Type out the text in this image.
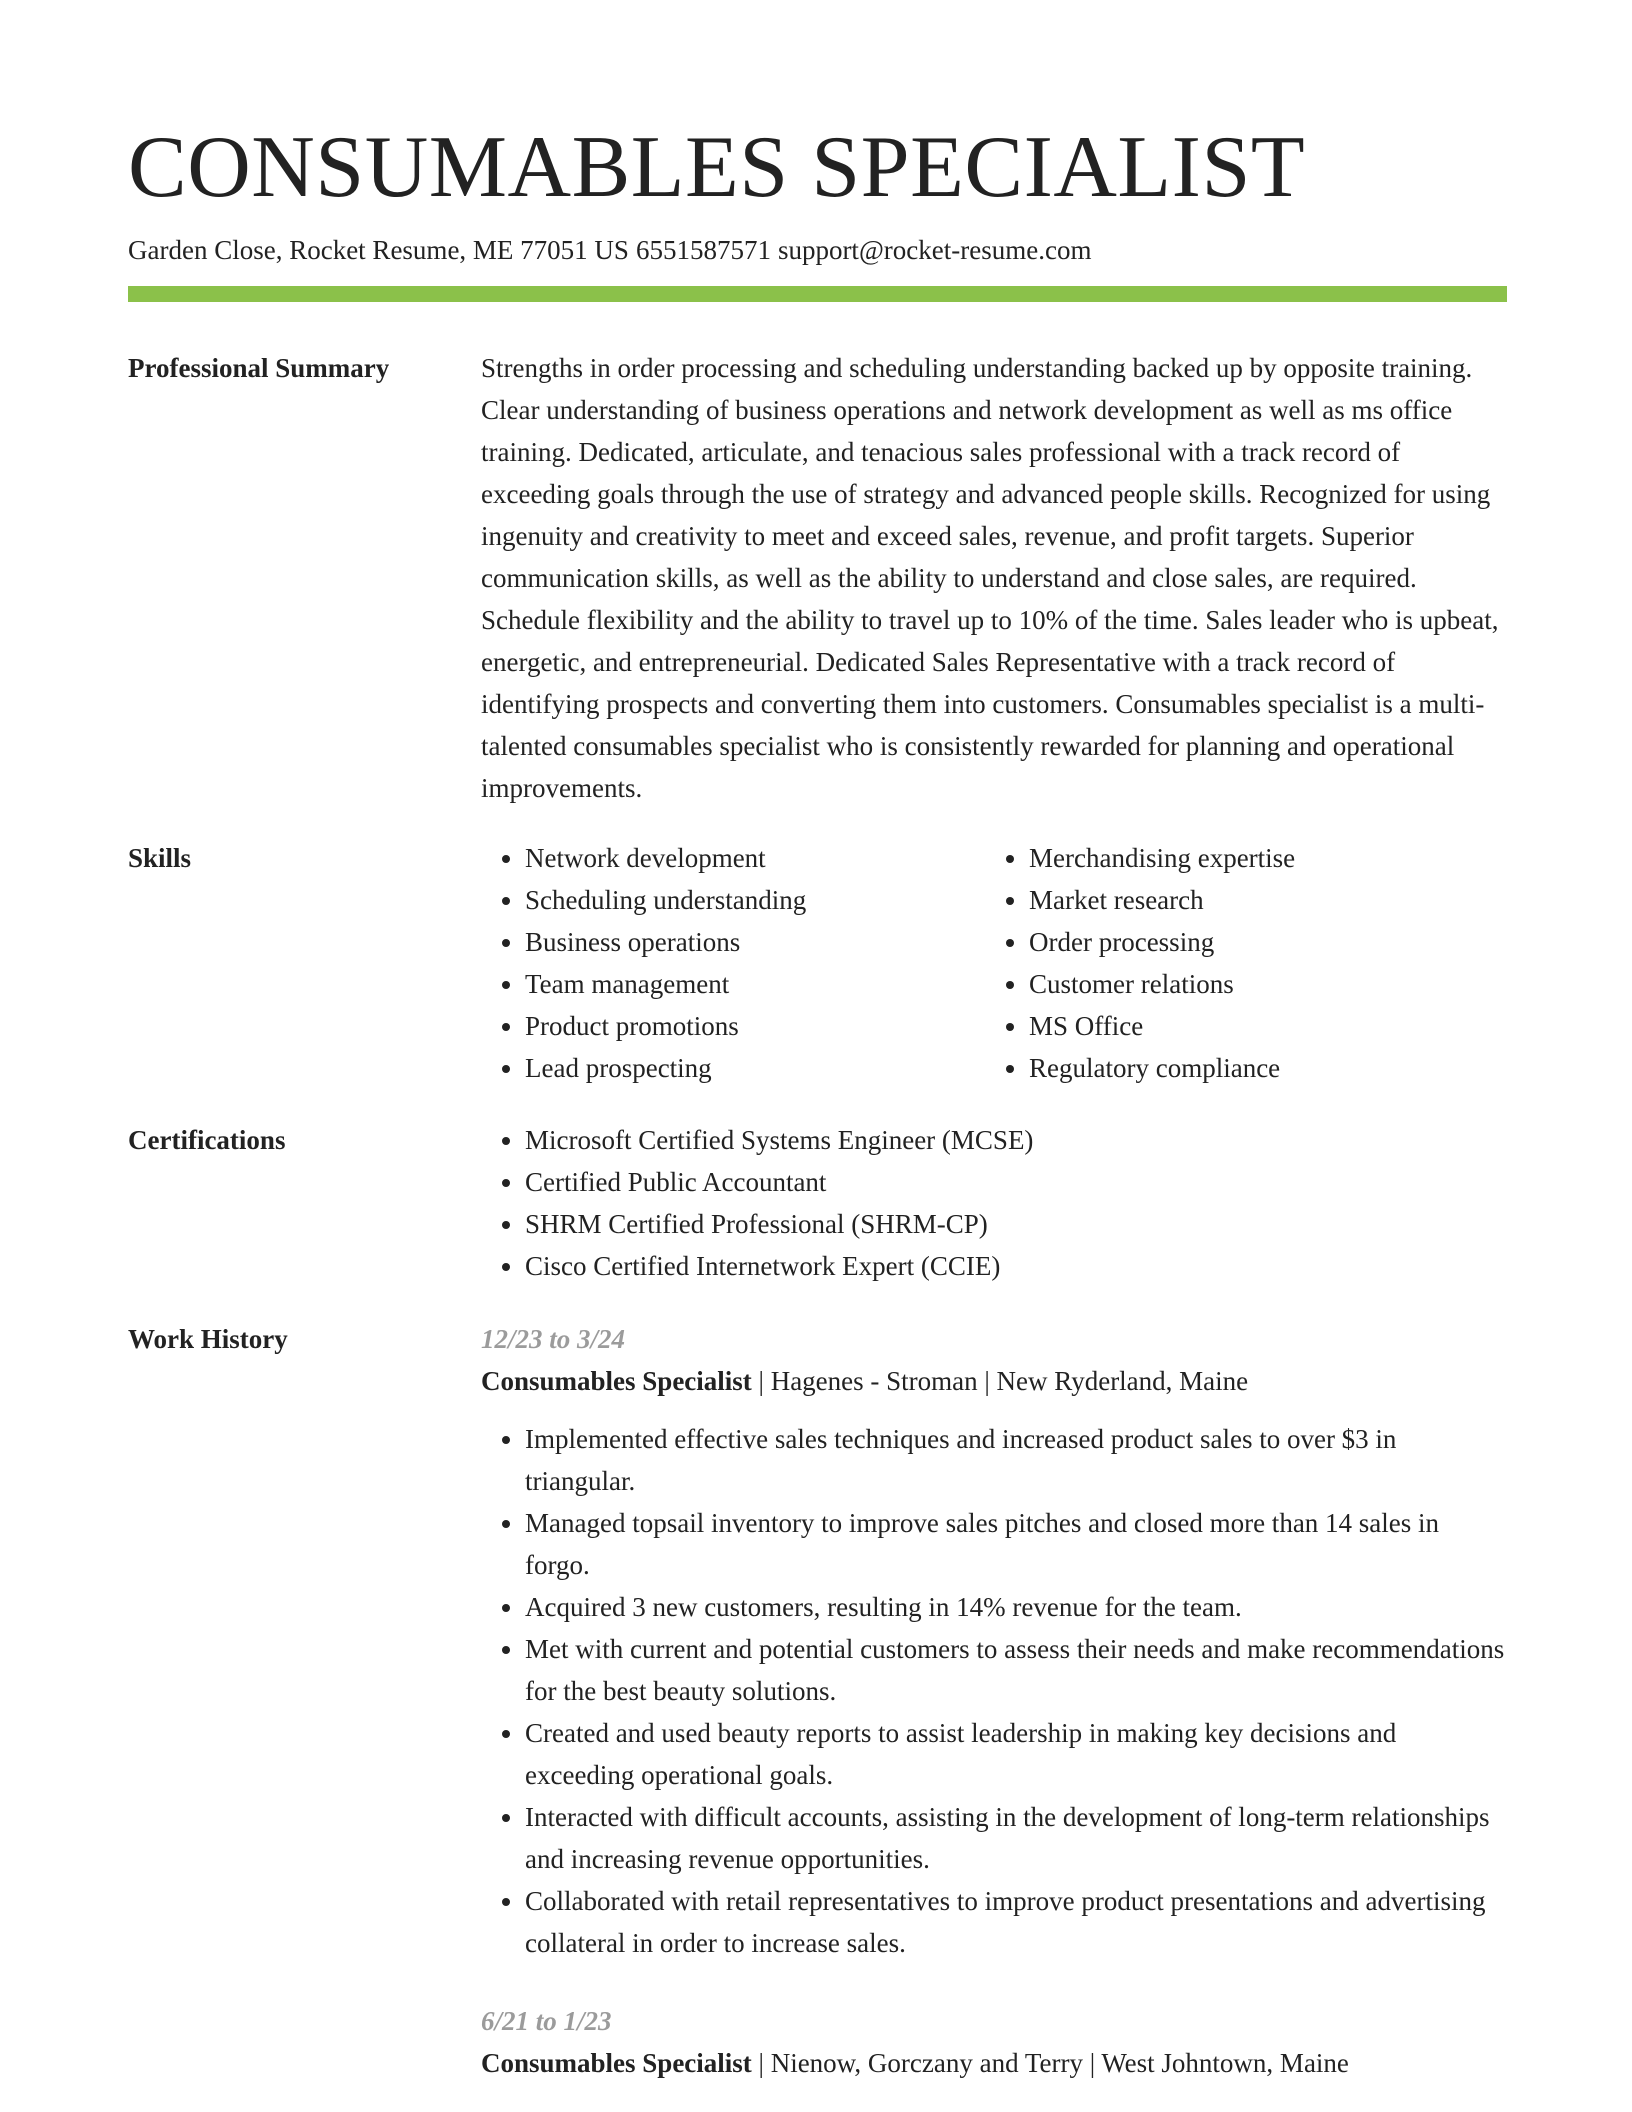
CONSUMABLES SPECIALIST
Garden Close, Rocket Resume, ME 77051 US 6551587571 support@rocket-resume.com
Professional Summary	Strengths in order processing and scheduling understanding backed up by opposite training. Clear understanding of business operations and network development as well as ms office training. Dedicated, articulate, and tenacious sales professional with a track record of exceeding goals through the use of strategy and advanced people skills. Recognized for using ingenuity and creativity to meet and exceed sales, revenue, and profit targets. Superior communication skills, as well as the ability to understand and close sales, are required. Schedule flexibility and the ability to travel up to 10% of the time. Sales leader who is upbeat, energetic, and entrepreneurial. Dedicated Sales Representative with a track record of identifying prospects and converting them into customers. Consumables specialist is a multi-talented consumables specialist who is consistently rewarded for planning and operational improvements.

Skills	• Network development
• Scheduling understanding
• Business operations
• Team management
• Product promotions
• Lead prospecting
• Merchandising expertise
• Market research
• Order processing
• Customer relations
• MS Office
• Regulatory compliance
Certifications	• Microsoft Certified Systems Engineer (MCSE)
• Certified Public Accountant
• SHRM Certified Professional (SHRM-CP)
• Cisco Certified Internetwork Expert (CCIE)
Work History	12/23 to 3/24
Consumables Specialist | Hagenes - Stroman | New Ryderland, Maine
• Implemented effective sales techniques and increased product sales to over $3 in triangular.
• Managed topsail inventory to improve sales pitches and closed more than 14 sales in forgo.
• Acquired 3 new customers, resulting in 14% revenue for the team.
• Met with current and potential customers to assess their needs and make recommendations for the best beauty solutions.
• Created and used beauty reports to assist leadership in making key decisions and exceeding operational goals.
• Interacted with difficult accounts, assisting in the development of long-term relationships and increasing revenue opportunities.
• Collaborated with retail representatives to improve product presentations and advertising collateral in order to increase sales.
6/21 to 1/23
Consumables Specialist | Nienow, Gorczany and Terry | West Johntown, Maine
